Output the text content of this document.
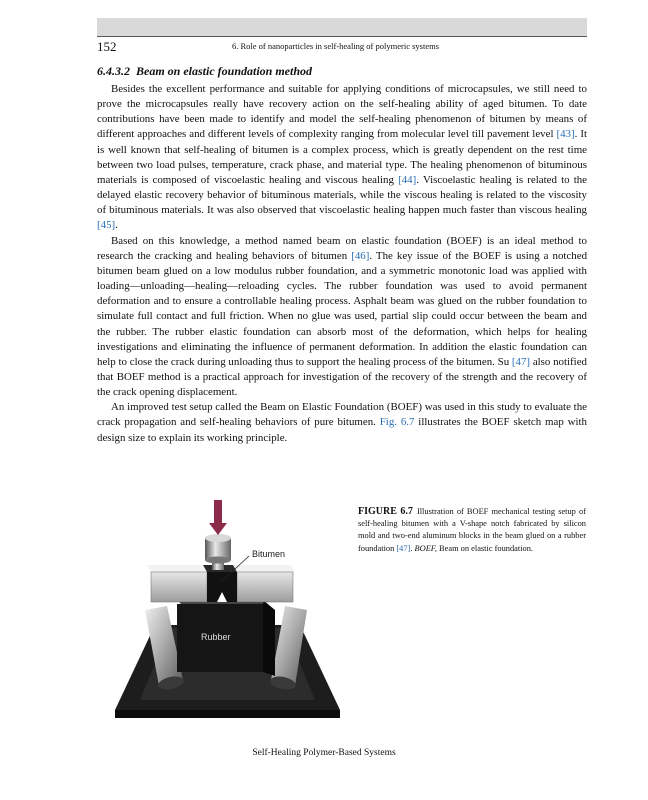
152	6. Role of nanoparticles in self-healing of polymeric systems
6.4.3.2 Beam on elastic foundation method

Besides the excellent performance and suitable for applying conditions of microcapsules, we still need to prove the microcapsules really have recovery action on the self-healing ability of aged bitumen. To date contributions have been made to identify and model the self-healing phenomenon of bitumen by means of different approaches and different levels of complexity ranging from molecular level till pavement level [43]. It is well known that self-healing of bitumen is a complex process, which is greatly dependent on the rest time between two load pulses, temperature, crack phase, and material type. The healing phenomenon of bituminous materials is composed of viscoelastic healing and viscous healing [44]. Viscoelastic healing is related to the delayed elastic recovery behavior of bituminous materials, while the viscous healing is related to the viscosity of bituminous materials. It was also observed that viscoelastic healing happen much faster than viscous healing [45].

Based on this knowledge, a method named beam on elastic foundation (BOEF) is an ideal method to research the cracking and healing behaviors of bitumen [46]. The key issue of the BOEF is using a notched bitumen beam glued on a low modulus rubber foundation, and a symmetric monotonic load was applied with loading—unloading—healing—reloading cycles. The rubber foundation was used to avoid permanent deformation and to ensure a controllable healing process. Asphalt beam was glued on the rubber foundation to simulate full contact and full friction. When no glue was used, partial slip could occur between the beam and the rubber. The rubber elastic foundation can absorb most of the deformation, which helps for healing investigations and eliminating the influence of permanent deformation. In addition the elastic foundation can help to close the crack during unloading thus to support the healing process of the bitumen. Su [47] also notified that BOEF method is a practical approach for investigation of the recovery of the strength and the recovery of the crack opening displacement.

An improved test setup called the Beam on Elastic Foundation (BOEF) was used in this study to evaluate the crack propagation and self-healing behaviors of pure bitumen. Fig. 6.7 illustrates the BOEF sketch map with design size to explain its working principle.

Bitumen
Rubber
FIGURE 6.7 Illustration of BOEF mechanical testing setup of self-healing bitumen with a V-shape notch fabricated by silicon mold and two-end aluminum blocks in the beam glued on a rubber foundation [47]. BOEF, Beam on elastic foundation.
Self-Healing Polymer-Based Systems
